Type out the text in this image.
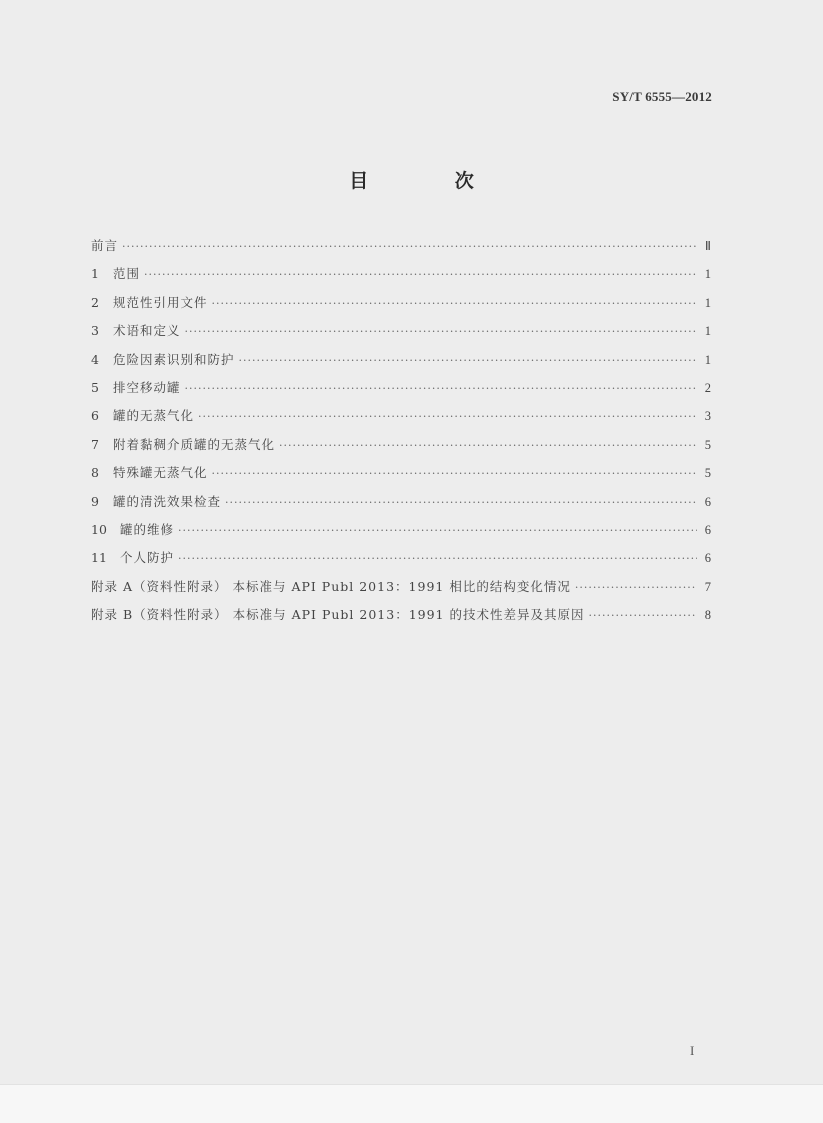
SY/T 6555—2012
目 次
前言 ·····	Ⅱ
1	范围 ·····	1
2	规范性引用文件 ·····	1
3	术语和定义 ·····	1
4	危险因素识别和防护 ·····	1
5	排空移动罐 ·····	2
6	罐的无蒸气化 ·····	3
7	附着黏稠介质罐的无蒸气化 ·····	5
8	特殊罐无蒸气化 ·····	5
9	罐的清洗效果检查 ·····	6
10	罐的维修 ·····	6
11	个人防护 ·····	6
附录 A（资料性附录） 本标准与 API Publ 2013：1991 相比的结构变化情况 ·····	7
附录 B（资料性附录） 本标准与 API Publ 2013：1991 的技术性差异及其原因 ·····	8
I
